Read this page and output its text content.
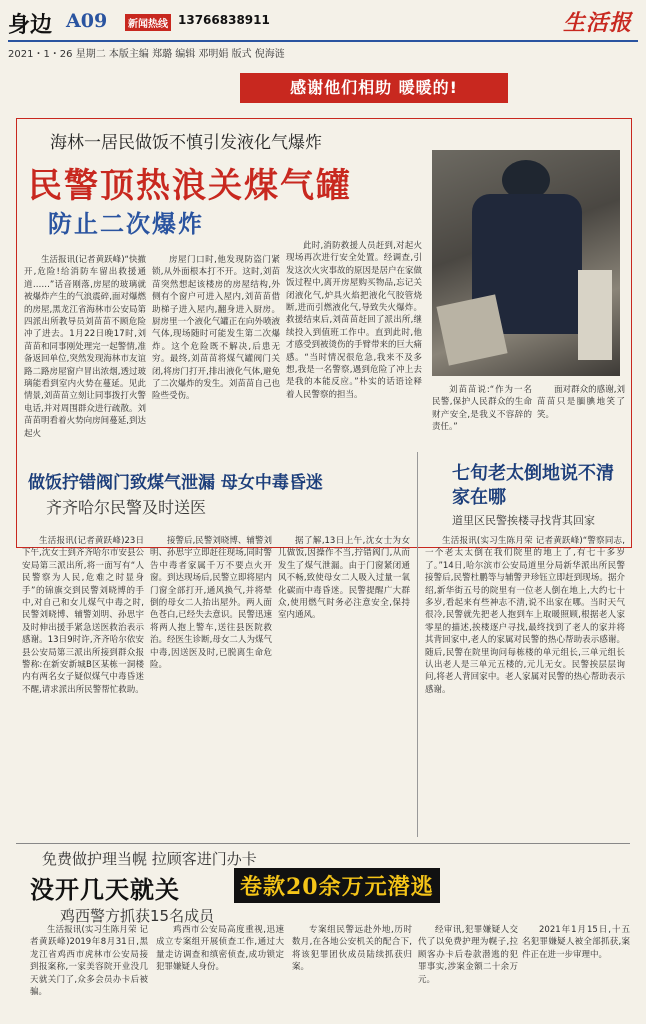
身边 A09	新闻热线 13766838911	生活报
2021・1・26 星期二 本版主编 郑璐 编辑 邓明娟 版式 倪海涟
感谢他们相助 暖暖的!
海林一居民做饭不慎引发液化气爆炸
民警顶热浪关煤气罐
防止二次爆炸

生活报讯(记者黄跃峰)“快撤开,危险!给消防车留出救援通道……”话音刚落,房屋的玻璃就被爆炸产生的气浪震碎,面对爆燃的房屋,黑龙江省海林市公安局第四派出所教导员刘苗苗不顾危险冲了进去。1月22日晚17时,刘苗苗和同事刚处理完一起警情,准备返回单位,突然发现海林市友谊路二路房屋窗户冒出浓烟,透过玻璃能看到室内火势在蔓延。见此情景,刘苗苗立刻让同事拨打火警电话,并对周围群众进行疏散。刘苗苗明看着火势向房间蔓延,到达起火

房屋门口时,他发现防盗门紧锁,从外面根本打不开。这时,刘苗苗突然想起该楼房的房屋结构,外侧有个窗户可进入屋内,刘苗苗借助梯子进入屋内,翻身进入厨房。厨房里一个液化气罐正在向外喷液气体,现场随时可能发生第二次爆炸。这个危险既不解决,后患无穷。最终,刘苗苗将煤气罐阀门关闭,将房门打开,排出液化气体,避免了二次爆炸的发生。刘苗苗自己也险些受伤。

此时,消防救援人员赶到,对起火现场再次进行安全处置。经调查,引发这次火灾事故的原因是居户在家做饭过程中,离开房屋购买物品,忘记关闭液化气,炉具火焰把液化气胶管烧断,进而引燃液化气,导致失火爆炸。救援结束后,刘苗苗赶回了派出所,继续投入到值班工作中。直到此时,他才感受到被烫伤的手臂带来的巨大痛感。“当时情况很危急,我来不及多想,我是一名警察,遇到危险了冲上去是我的本能反应。”朴实的话语诠释着人民警察的担当。	刘苗苗说:“作为一名民警,保护人民群众的生命财产安全,是我义不容辞的责任。”

面对群众的感谢,刘苗苗只是腼腆地笑了笑。

做饭拧错阀门致煤气泄漏 母女中毒昏迷
齐齐哈尔民警及时送医

生活报讯(记者黄跃峰)23日下午,沈女士到齐齐哈尔市安县公安局第三派出所,将一面写有“人民警察为人民,危难之时显身手”的锦旗交到民警刘晓博的手中,对自己和女儿煤气中毒之时,民警刘晓博、辅警刘明、孙思宇及时伸出援手紧急送医救治表示感谢。13日9时许,齐齐哈尔依安县公安局第三派出所接到群众报警称:在新安新城B区某栋一洞楼内有两名女子疑似煤气中毒昏迷不醒,请求派出所民警帮忙救助。

接警后,民警刘晓博、辅警刘明、孙思宇立即赶往现场,同时警告中毒者家属千万不要点火开窗。到达现场后,民警立即将屋内门窗全部打开,通风换气,并将晕倒的母女二人抬出屋外。两人面色苍白,已经失去意识。民警迅速将两人抱上警车,送往县医院救治。经医生诊断,母女二人为煤气中毒,因送医及时,已脱离生命危险。

据了解,13日上午,沈女士为女儿做饭,因操作不当,拧错阀门,从而发生了煤气泄漏。由于门窗紧闭通风不畅,致使母女二人吸入过量一氧化碳而中毒昏迷。民警提醒广大群众,使用燃气时务必注意安全,保持室内通风。

七旬老太倒地说不清家在哪
道里区民警挨楼寻找背其回家

生活报讯(实习生陈月荣 记者黄跃峰)“警察同志,一个老太太倒在我们院里的地上了,有七十多岁了。”14日,哈尔滨市公安局道里分局新华派出所民警接警后,民警杜鹏等与辅警尹珍钰立即赶到现场。据介绍,新华街五号的院里有一位老人倒在地上,大约七十多岁,看起来有些神志不清,说不出家在哪。当时天气很冷,民警就先把老人抱到车上取暖照顾,根据老人家零星的描述,挨楼逐户寻找,最终找到了老人的家并将其背回家中,老人的家属对民警的热心帮助表示感谢。随后,民警在院里询问每栋楼的单元组长,三单元组长认出老人是三单元五楼的,元儿无女。民警挨层层询问,将老人背回家中。老人家属对民警的热心帮助表示感谢。

免费做护理当幌 拉顾客进门办卡
没开几天就关	卷款20余万元潜逃
鸡西警方抓获15名成员

生活报讯(实习生陈月荣 记者黄跃峰)2019年8月31日,黑龙江省鸡西市虎林市公安局接到报案称,一家美容院开业没几天就关门了,众多会员办卡后被骗。

鸡西市公安局高度重视,迅速成立专案组开展侦查工作,通过大量走访调查和缜密侦查,成功锁定犯罪嫌疑人身份。

专案组民警远赴外地,历时数月,在各地公安机关的配合下,将该犯罪团伙成员陆续抓获归案。

经审讯,犯罪嫌疑人交代了以免费护理为幌子,拉顾客办卡后卷款潜逃的犯罪事实,涉案金额二十余万元。

2021年1月15日,十五名犯罪嫌疑人被全部抓获,案件正在进一步审理中。
